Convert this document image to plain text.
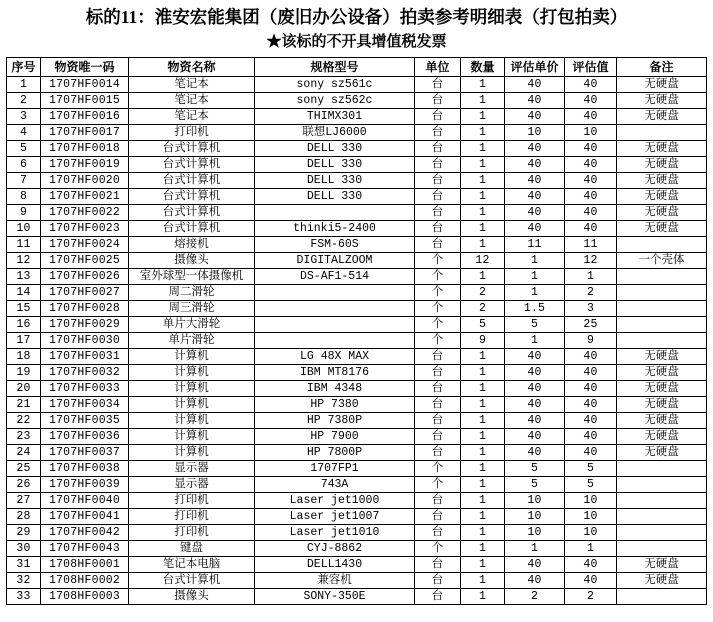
标的11：淮安宏能集团（废旧办公设备）拍卖参考明细表（打包拍卖）
★该标的不开具增值税发票
序号	物资唯一码	物资名称	规格型号	单位	数量	评估单价	评估值	备注
1	1707HF0014	笔记本	sony sz561c	台	1	40	40	无硬盘
2	1707HF0015	笔记本	sony sz562c	台	1	40	40	无硬盘
3	1707HF0016	笔记本	THIMX301	台	1	40	40	无硬盘
4	1707HF0017	打印机	联想LJ6000	台	1	10	10	
5	1707HF0018	台式计算机	DELL 330	台	1	40	40	无硬盘
6	1707HF0019	台式计算机	DELL 330	台	1	40	40	无硬盘
7	1707HF0020	台式计算机	DELL 330	台	1	40	40	无硬盘
8	1707HF0021	台式计算机	DELL 330	台	1	40	40	无硬盘
9	1707HF0022	台式计算机		台	1	40	40	无硬盘
10	1707HF0023	台式计算机	thinki5-2400	台	1	40	40	无硬盘
11	1707HF0024	熔接机	FSM-60S	台	1	11	11	
12	1707HF0025	摄像头	DIGITALZOOM	个	12	1	12	一个壳体
13	1707HF0026	室外球型一体摄像机	DS-AF1-514	个	1	1	1	
14	1707HF0027	周二滑轮		个	2	1	2	
15	1707HF0028	周三滑轮		个	2	1.5	3	
16	1707HF0029	单片大滑轮		个	5	5	25	
17	1707HF0030	单片滑轮		个	9	1	9	
18	1707HF0031	计算机	LG 48X MAX	台	1	40	40	无硬盘
19	1707HF0032	计算机	IBM MT8176	台	1	40	40	无硬盘
20	1707HF0033	计算机	IBM 4348	台	1	40	40	无硬盘
21	1707HF0034	计算机	HP 7380	台	1	40	40	无硬盘
22	1707HF0035	计算机	HP 7380P	台	1	40	40	无硬盘
23	1707HF0036	计算机	HP 7900	台	1	40	40	无硬盘
24	1707HF0037	计算机	HP 7800P	台	1	40	40	无硬盘
25	1707HF0038	显示器	1707FP1	个	1	5	5	
26	1707HF0039	显示器	743A	个	1	5	5	
27	1707HF0040	打印机	Laser jet1000	台	1	10	10	
28	1707HF0041	打印机	Laser jet1007	台	1	10	10	
29	1707HF0042	打印机	Laser jet1010	台	1	10	10	
30	1707HF0043	键盘	CYJ-8862	个	1	1	1	
31	1708HF0001	笔记本电脑	DELL1430	台	1	40	40	无硬盘
32	1708HF0002	台式计算机	兼容机	台	1	40	40	无硬盘
33	1708HF0003	摄像头	SONY-350E	台	1	2	2	
